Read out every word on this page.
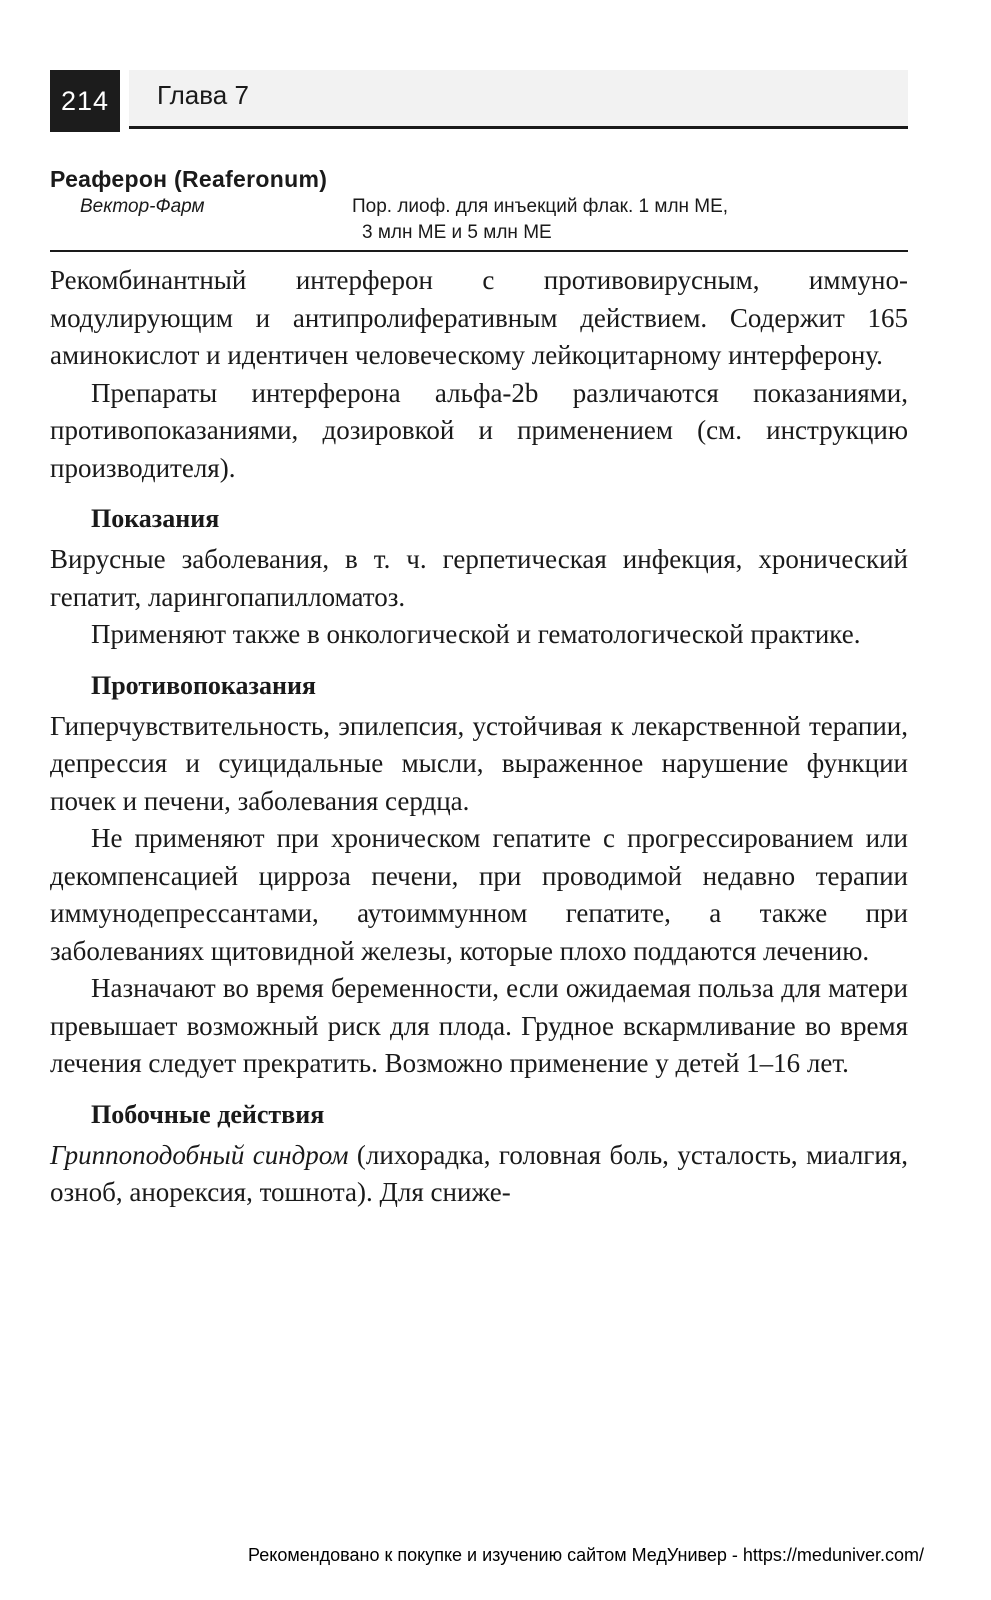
214	Глава 7
Реаферон (Reaferonum)
Вектор-Фарм	Пор. лиоф. для инъекций флак. 1 млн МЕ,
3 млн МЕ и 5 млн МЕ

Рекомбинантный интерферон с противовирусным, иммуномодулирующим и антипролиферативным действием. Содержит 165 аминокислот и идентичен человеческому лейкоцитарному интерферону.

Препараты интерферона альфа-2b различаются показаниями, противопоказаниями, дозировкой и применением (см. инструкцию производителя).

Показания

Вирусные заболевания, в т. ч. герпетическая инфекция, хронический гепатит, ларингопапилломатоз.

Применяют также в онкологической и гематологической практике.

Противопоказания

Гиперчувствительность, эпилепсия, устойчивая к лекарственной терапии, депрессия и суицидальные мысли, выраженное нарушение функции почек и печени, заболевания сердца.

Не применяют при хроническом гепатите с прогрессированием или декомпенсацией цирроза печени, при проводимой недавно терапии иммунодепрессантами, аутоиммунном гепатите, а также при заболеваниях щитовидной железы, которые плохо поддаются лечению.

Назначают во время беременности, если ожидаемая польза для матери превышает возможный риск для плода. Грудное вскармливание во время лечения следует прекратить. Возможно применение у детей 1–16 лет.

Побочные действия

Гриппоподобный синдром (лихорадка, головная боль, усталость, миалгия, озноб, анорексия, тошнота). Для сниже-

Рекомендовано к покупке и изучению сайтом МедУнивер - https://meduniver.com/
